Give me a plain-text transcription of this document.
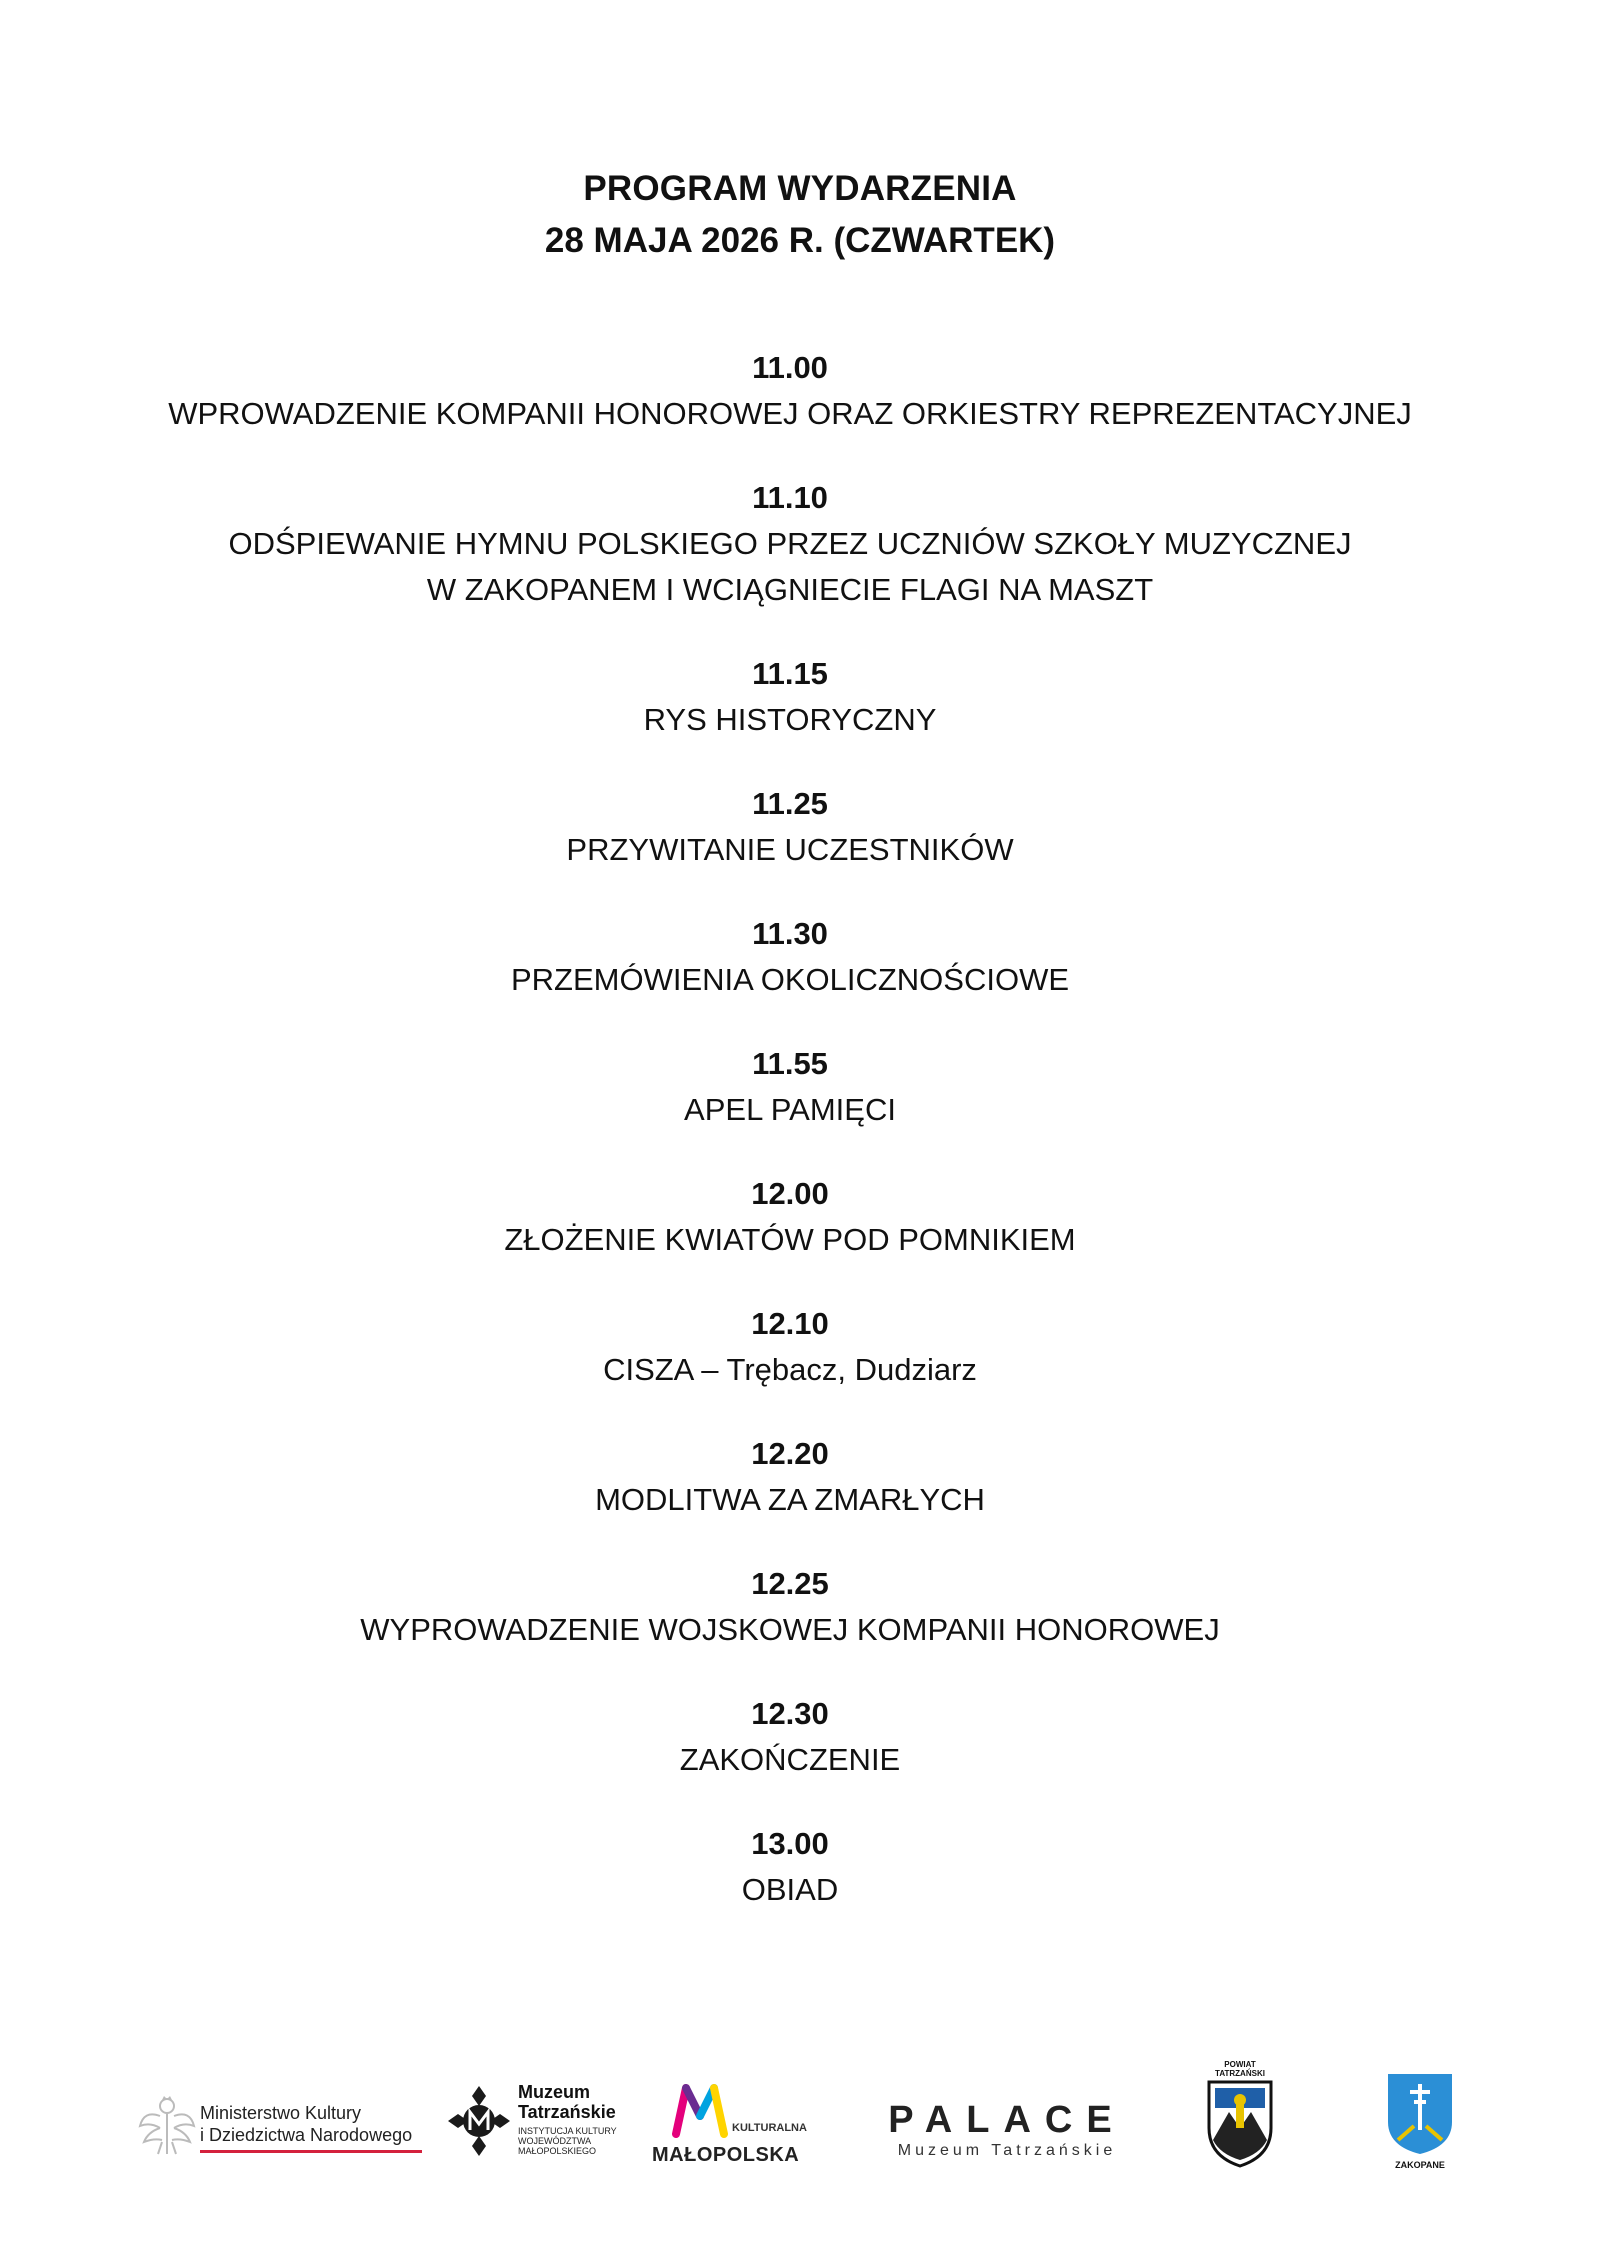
PROGRAM WYDARZENIA
28 MAJA 2026 R. (CZWARTEK)
11.00
WPROWADZENIE KOMPANII HONOROWEJ ORAZ ORKIESTRY REPREZENTACYJNEJ
11.10
ODŚPIEWANIE HYMNU POLSKIEGO PRZEZ UCZNIÓW SZKOŁY MUZYCZNEJ
W ZAKOPANEM I WCIĄGNIECIE FLAGI NA MASZT
11.15
RYS HISTORYCZNY
11.25
PRZYWITANIE UCZESTNIKÓW
11.30
PRZEMÓWIENIA OKOLICZNOŚCIOWE
11.55
APEL PAMIĘCI
12.00
ZŁOŻENIE KWIATÓW POD POMNIKIEM
12.10
CISZA – Trębacz, Dudziarz
12.20
MODLITWA ZA ZMARŁYCH
12.25
WYPROWADZENIE WOJSKOWEJ KOMPANII HONOROWEJ
12.30
ZAKOŃCZENIE
13.00
OBIAD
Ministerstwo Kultury
i Dziedzictwa Narodowego
Muzeum
Tatrzańskie
INSTYTUCJA KULTURY
WOJEWÓDZTWA
MAŁOPOLSKIEGO
KULTURALNA
MAŁOPOLSKA
PALACE
Muzeum Tatrzańskie
POWIAT
TATRZAŃSKI
ZAKOPANE
